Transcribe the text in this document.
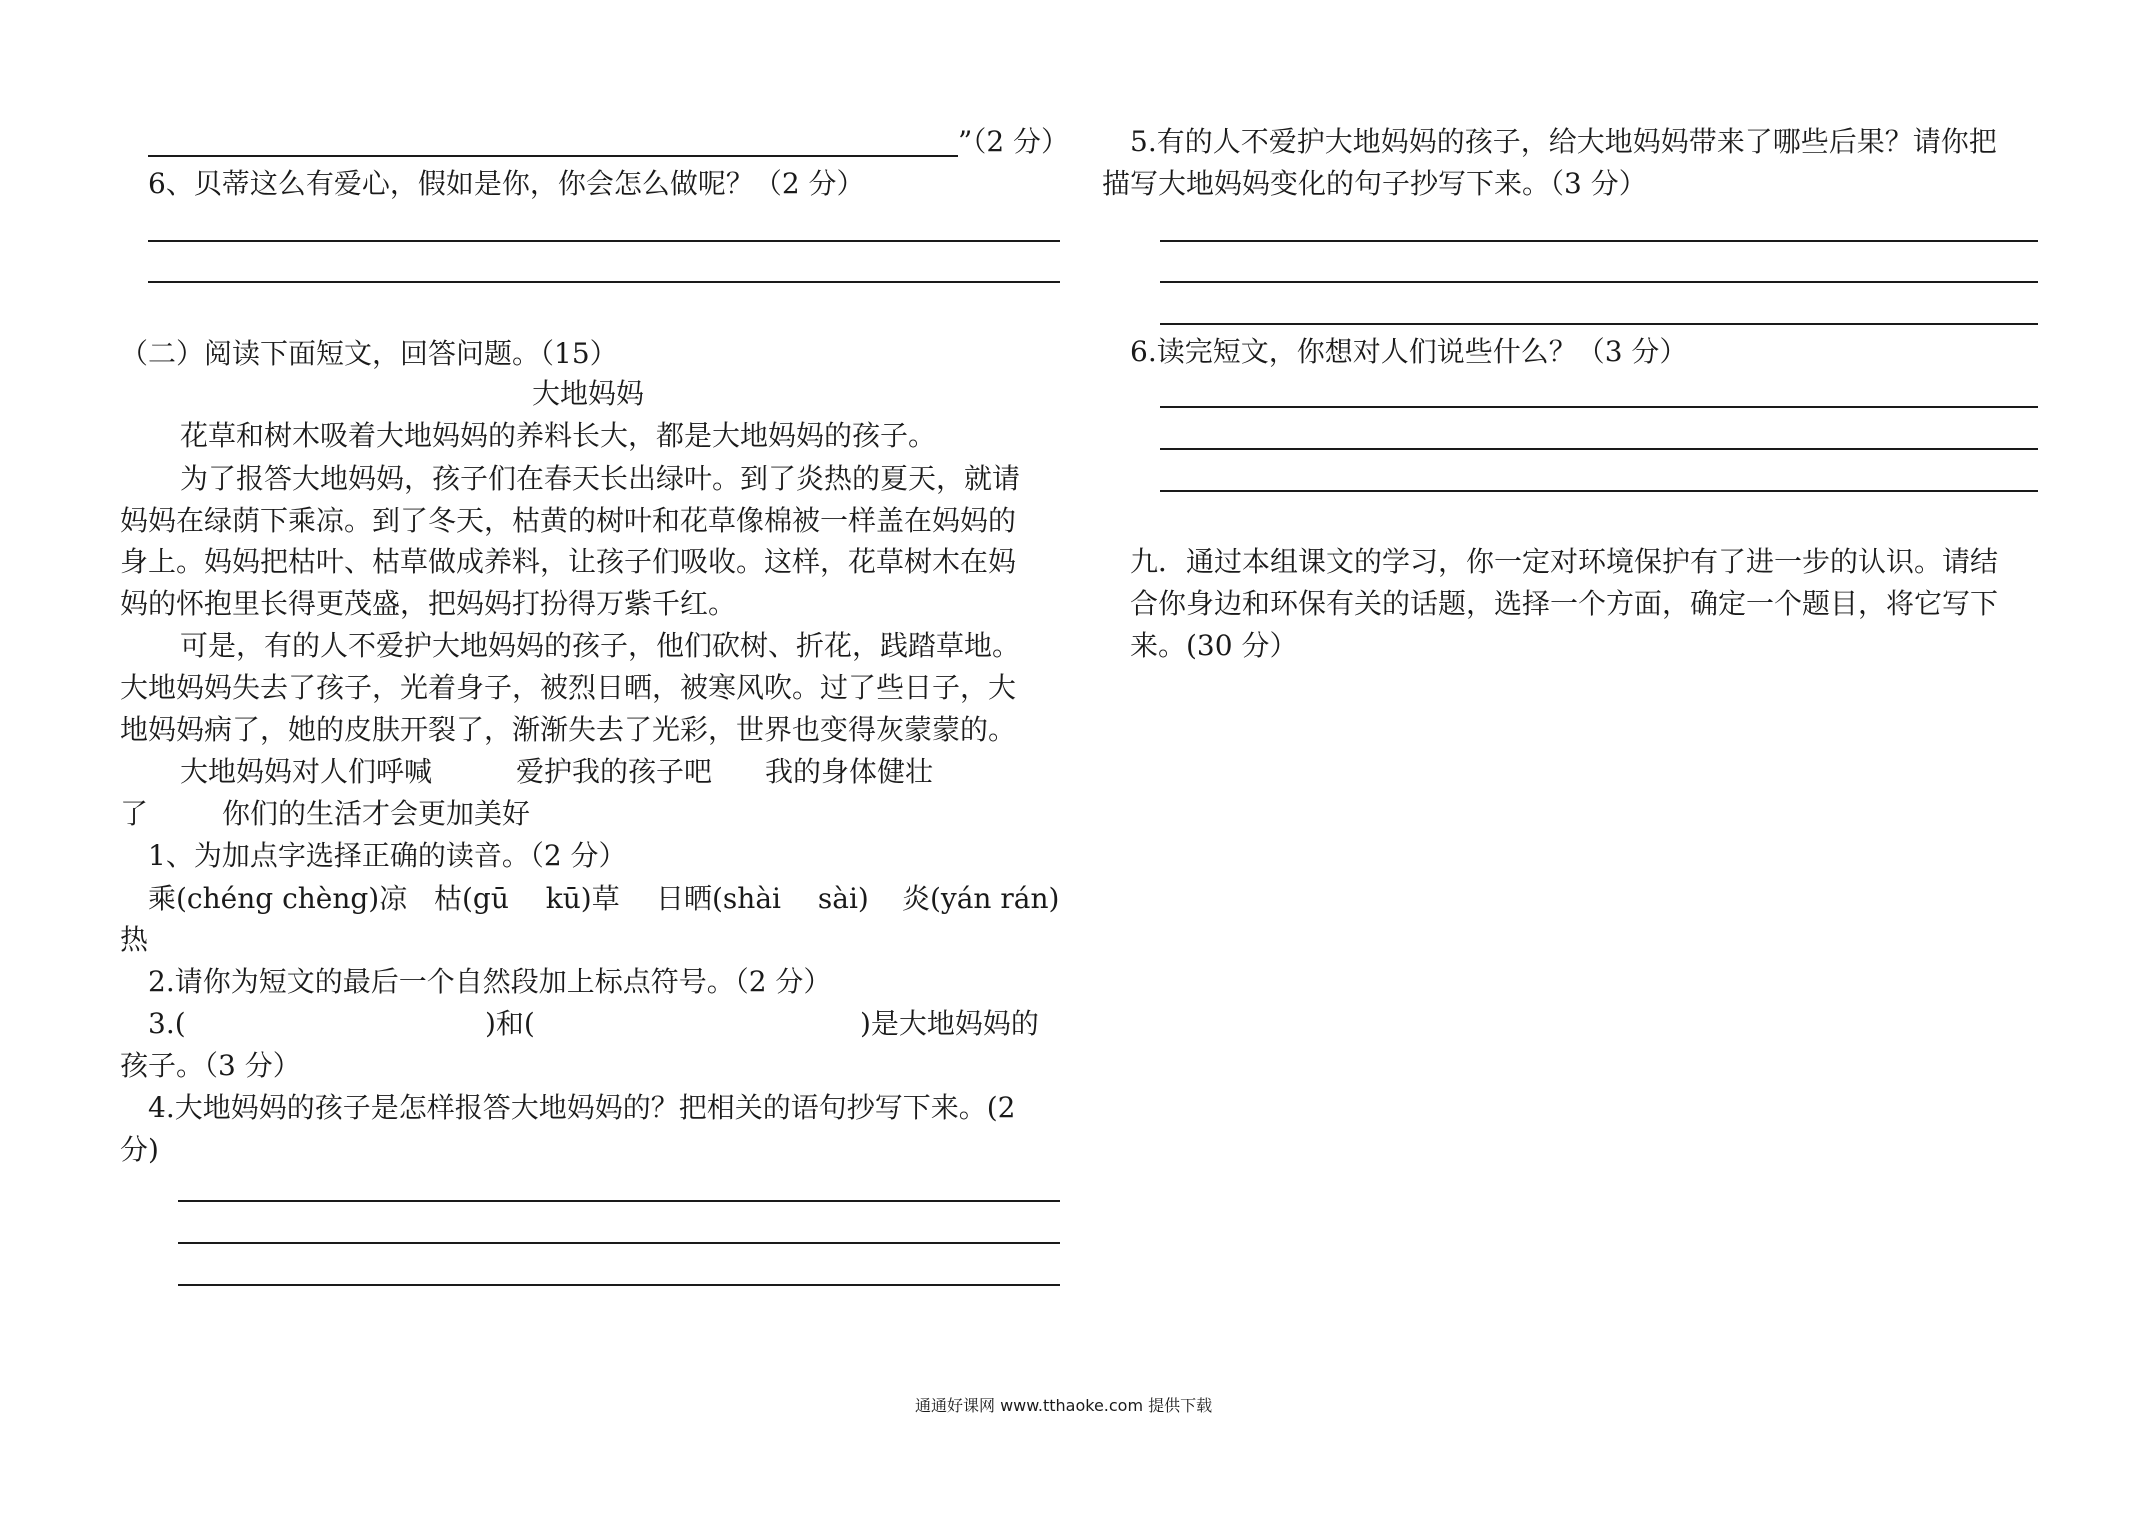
”（2 分）
6、贝蒂这么有爱心，假如是你，你会怎么做呢？（2 分）
（二）阅读下面短文，回答问题。（15）
大地妈妈
花草和树木吸着大地妈妈的养料长大，都是大地妈妈的孩子。
为了报答大地妈妈，孩子们在春天长出绿叶。到了炎热的夏天，就请
妈妈在绿荫下乘凉。到了冬天，枯黄的树叶和花草像棉被一样盖在妈妈的
身上。妈妈把枯叶、枯草做成养料，让孩子们吸收。这样，花草树木在妈
妈的怀抱里长得更茂盛，把妈妈打扮得万紫千红。
可是，有的人不爱护大地妈妈的孩子，他们砍树、折花，践踏草地。
大地妈妈失去了孩子，光着身子，被烈日晒，被寒风吹。过了些日子，大
地妈妈病了，她的皮肤开裂了，渐渐失去了光彩，世界也变得灰蒙蒙的。
大地妈妈对人们呼喊	爱护我的孩子吧 我的身体健壮
了	你们的生活才会更加美好
1、为加点字选择正确的读音。（2 分）
乘(chéng chèng)凉 枯(gū　 kū)草 日晒(shài　 sài) 炎(yán rán)
热
2.请你为短文的最后一个自然段加上标点符号。（2 分）
3.(	)和(	)是大地妈妈的
孩子。（3 分）
4.大地妈妈的孩子是怎样报答大地妈妈的？把相关的语句抄写下来。(2
分)
5.有的人不爱护大地妈妈的孩子，给大地妈妈带来了哪些后果？请你把
描写大地妈妈变化的句子抄写下来。（3 分）
6.读完短文，你想对人们说些什么？（3 分）
九．通过本组课文的学习，你一定对环境保护有了进一步的认识。请结
合你身边和环保有关的话题，选择一个方面，确定一个题目，将它写下
来。(30 分）
通通好课网 www.tthaoke.com 提供下载
